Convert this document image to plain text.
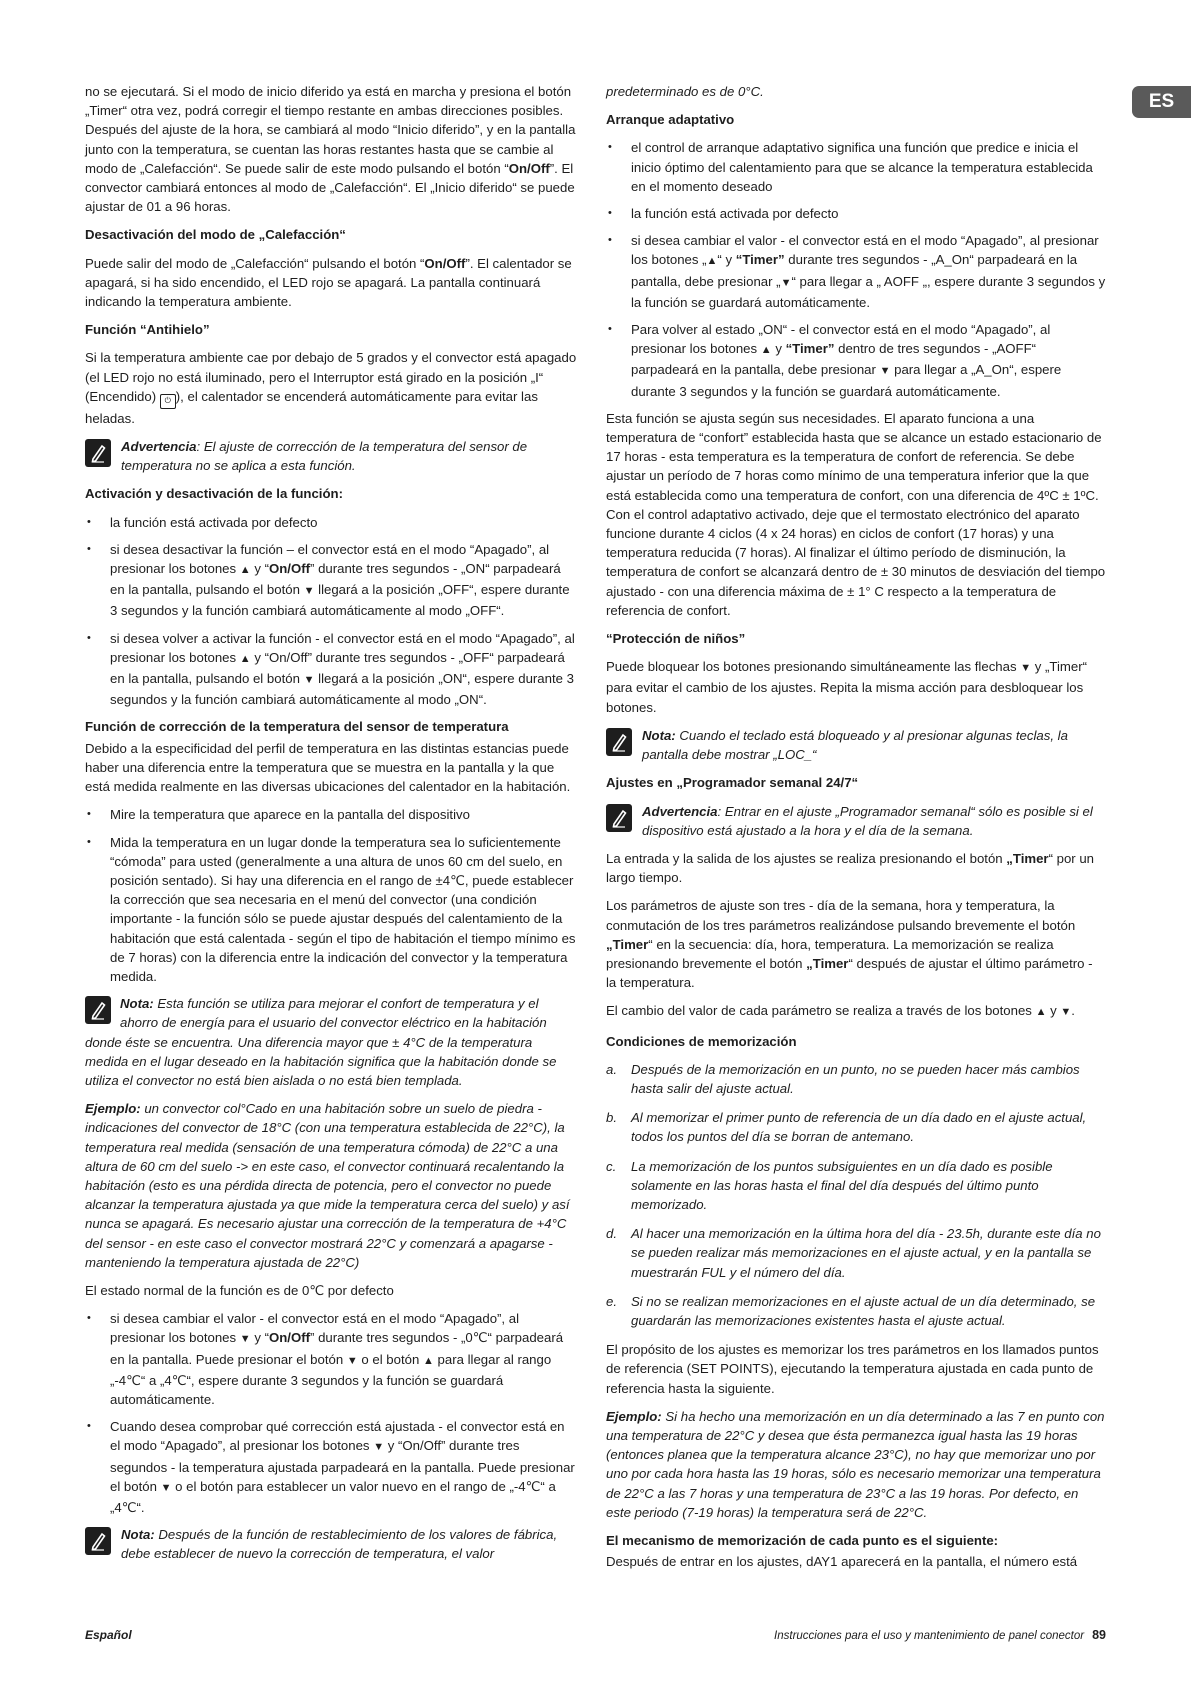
ES

no se ejecutará. Si el modo de inicio diferido ya está en marcha y presiona el botón „Timer“ otra vez, podrá corregir el tiempo restante en ambas direcciones posibles. Después del ajuste de la hora, se cambiará al modo “Inicio diferido”, y en la pantalla junto con la temperatura, se cuentan las horas restantes hasta que se cambie al modo de „Calefacción“. Se puede salir de este modo pulsando el botón “On/Off”. El convector cambiará entonces al modo de „Calefacción“. El „Inicio diferido“ se puede ajustar de 01 a 96 horas.

Desactivación del modo de „Calefacción“

Puede salir del modo de „Calefacción“ pulsando el botón “On/Off”. El calentador se apagará, si ha sido encendido, el LED rojo se apagará. La pantalla continuará indicando la temperatura ambiente.

Función “Antihielo”

Si la temperatura ambiente cae por debajo de 5 grados y el convector está apagado (el LED rojo no está iluminado, pero el Interruptor está girado en la posición „I“ (Encendido) ⏻ ), el calentador se encenderá automáticamente para evitar las heladas.

Advertencia: El ajuste de corrección de la temperatura del sensor de temperatura no se aplica a esta función.
Activación y desactivación de la función:
• la función está activada por defecto
• si desea desactivar la función – el convector está en el modo “Apagado”, al presionar los botones ▲ y “On/Off” durante tres segundos - „ON“ parpadeará en la pantalla, pulsando el botón ▼ llegará a la posición „OFF“, espere durante 3 segundos y la función cambiará automáticamente al modo „OFF“.
• si desea volver a activar la función - el convector está en el modo “Apagado”, al presionar los botones ▲ y “On/Off” durante tres segundos - „OFF“ parpadeará en la pantalla, pulsando el botón ▼ llegará a la posición „ON“, espere durante 3 segundos y la función cambiará automáticamente al modo „ON“.
Función de corrección de la temperatura del sensor de temperatura

Debido a la especificidad del perfil de temperatura en las distintas estancias puede haber una diferencia entre la temperatura que se muestra en la pantalla y la que está medida realmente en las diversas ubicaciones del calentador en la habitación.

• Mire la temperatura que aparece en la pantalla del dispositivo
• Mida la temperatura en un lugar donde la temperatura sea lo suficientemente “cómoda” para usted (generalmente a una altura de unos 60 cm del suelo, en posición sentado). Si hay una diferencia en el rango de ±4℃, puede establecer la corrección que sea necesaria en el menú del convector (una condición importante - la función sólo se puede ajustar después del calentamiento de la habitación que está calentada - según el tipo de habitación el tiempo mínimo es de 7 horas) con la diferencia entre la indicación del convector y la temperatura medida.
Nota: Esta función se utiliza para mejorar el confort de temperatura y el ahorro de energía para el usuario del convector eléctrico en la habitación donde éste se encuentra. Una diferencia mayor que ± 4°C de la temperatura medida en el lugar deseado en la habitación significa que la habitación donde se utiliza el convector no está bien aislada o no está bien templada.

Ejemplo: un convector col°Cado en una habitación sobre un suelo de piedra - indicaciones del convector de 18°C (con una temperatura establecida de 22°C), la temperatura real medida (sensación de una temperatura cómoda) de 22°C a una altura de 60 cm del suelo -> en este caso, el convector continuará recalentando la habitación (esto es una pérdida directa de potencia, pero el convector no puede alcanzar la temperatura ajustada ya que mide la temperatura cerca del suelo) y así nunca se apagará. Es necesario ajustar una corrección de la temperatura de +4°C del sensor - en este caso el convector mostrará 22°C y comenzará a apagarse - manteniendo la temperatura ajustada de 22°C)

El estado normal de la función es de 0℃ por defecto

• si desea cambiar el valor - el convector está en el modo “Apagado”, al presionar los botones ▼ y “On/Off” durante tres segundos - „0℃“ parpadeará en la pantalla. Puede presionar el botón ▼ o el botón ▲ para llegar al rango „-4℃“ a „4℃“, espere durante 3 segundos y la función se guardará automáticamente.
• Cuando desea comprobar qué corrección está ajustada - el convector está en el modo “Apagado”, al presionar los botones ▼ y “On/Off” durante tres segundos - la temperatura ajustada parpadeará en la pantalla. Puede presionar el botón ▼ o el botón para establecer un valor nuevo en el rango de „-4℃“ a „4℃“.
Nota: Después de la función de restablecimiento de los valores de fábrica, debe establecer de nuevo la corrección de temperatura, el valor

predeterminado es de 0°C.

Arranque adaptativo
• el control de arranque adaptativo significa una función que predice e inicia el inicio óptimo del calentamiento para que se alcance la temperatura establecida en el momento deseado
• la función está activada por defecto
• si desea cambiar el valor - el convector está en el modo “Apagado”, al presionar los botones „▲“ y “Timer” durante tres segundos - „A_On“ parpadeará en la pantalla, debe presionar „▼“ para llegar a „ AOFF „, espere durante 3 segundos y la función se guardará automáticamente.
• Para volver al estado „ON“ - el convector está en el modo “Apagado”, al presionar los botones ▲ y “Timer” dentro de tres segundos - „AOFF“ parpadeará en la pantalla, debe presionar ▼ para llegar a „A_On“, espere durante 3 segundos y la función se guardará automáticamente.

Esta función se ajusta según sus necesidades. El aparato funciona a una temperatura de “confort” establecida hasta que se alcance un estado estacionario de 17 horas - esta temperatura es la temperatura de confort de referencia. Se debe ajustar un período de 7 horas como mínimo de una temperatura inferior que la que está establecida como una temperatura de confort, con una diferencia de 4ºC ± 1ºC. Con el control adaptativo activado, deje que el termostato electrónico del aparato funcione durante 4 ciclos (4 x 24 horas) en ciclos de confort (17 horas) y una temperatura reducida (7 horas). Al finalizar el último período de disminución, la temperatura de confort se alcanzará dentro de ± 30 minutos de desviación del tiempo ajustado - con una diferencia máxima de ± 1° C respecto a la temperatura de referencia de confort.

“Protección de niños”

Puede bloquear los botones presionando simultáneamente las flechas ▼ y „Timer“ para evitar el cambio de los ajustes. Repita la misma acción para desbloquear los botones.

Nota: Cuando el teclado está bloqueado y al presionar algunas teclas, la pantalla debe mostrar „LOC_“
Ajustes en „Programador semanal 24/7“
Advertencia: Entrar en el ajuste „Programador semanal“ sólo es posible si el dispositivo está ajustado a la hora y el día de la semana.

La entrada y la salida de los ajustes se realiza presionando el botón „Timer“ por un largo tiempo.

Los parámetros de ajuste son tres - día de la semana, hora y temperatura, la conmutación de los tres parámetros realizándose pulsando brevemente el botón „Timer“ en la secuencia: día, hora, temperatura. La memorización se realiza presionando brevemente el botón „Timer“ después de ajustar el último parámetro - la temperatura.

El cambio del valor de cada parámetro se realiza a través de los botones ▲ y ▼.

Condiciones de memorización
a. Después de la memorización en un punto, no se pueden hacer más cambios hasta salir del ajuste actual.
b. Al memorizar el primer punto de referencia de un día dado en el ajuste actual, todos los puntos del día se borran de antemano.
c. La memorización de los puntos subsiguientes en un día dado es posible solamente en las horas hasta el final del día después del último punto memorizado.
d. Al hacer una memorización en la última hora del día - 23.5h, durante este día no se pueden realizar más memorizaciones en el ajuste actual, y en la pantalla se muestrarán FUL y el número del día.
e. Si no se realizan memorizaciones en el ajuste actual de un día determinado, se guardarán las memorizaciones existentes hasta el ajuste actual.

El propósito de los ajustes es memorizar los tres parámetros en los llamados puntos de referencia (SET POINTS), ejecutando la temperatura ajustada en cada punto de referencia hasta la siguiente.

Ejemplo: Si ha hecho una memorización en un día determinado a las 7 en punto con una temperatura de 22°C y desea que ésta permanezca igual hasta las 19 horas (entonces planea que la temperatura alcance 23°C), no hay que memorizar uno por uno por cada hora hasta las 19 horas, sólo es necesario memorizar una temperatura de 22°C a las 7 horas y una temperatura de 23°C a las 19 horas. Por defecto, en este periodo (7-19 horas) la temperatura será de 22°C.

El mecanismo de memorización de cada punto es el siguiente:

Después de entrar en los ajustes, dAY1 aparecerá en la pantalla, el número está

Español	Instrucciones para el uso y mantenimiento de panel conector 89
